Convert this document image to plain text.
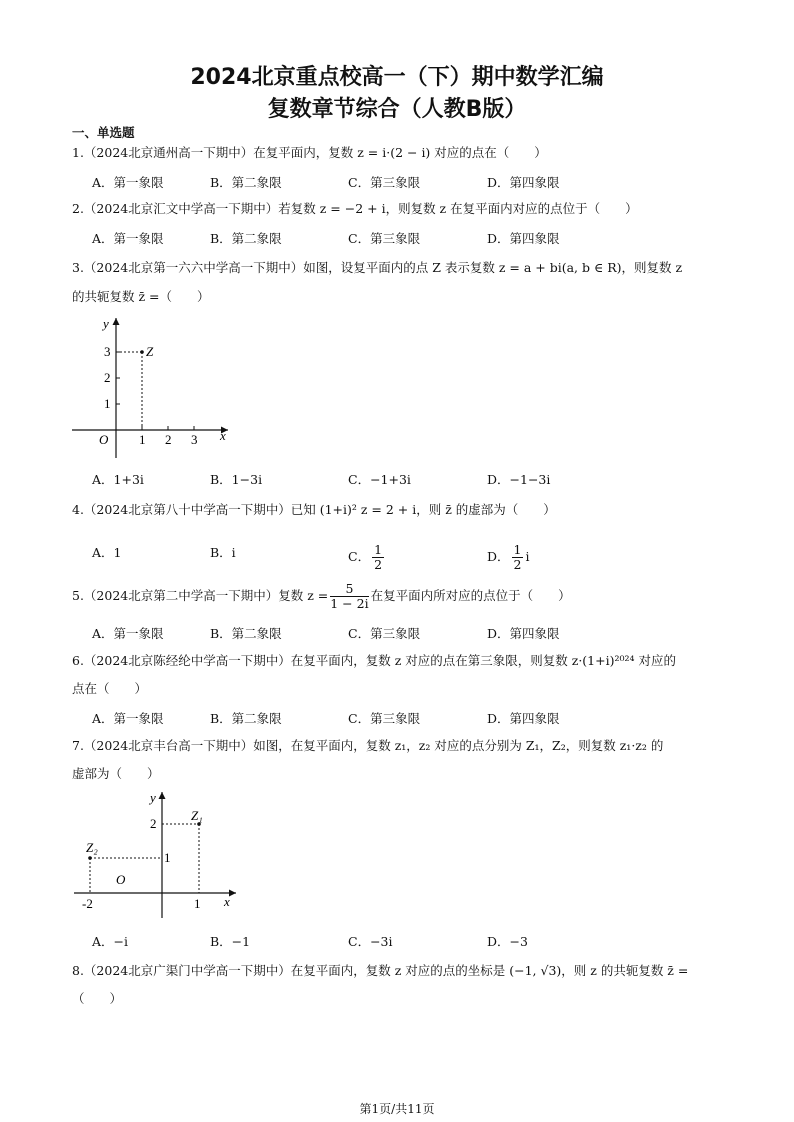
2024北京重点校高一（下）期中数学汇编
复数章节综合（人教B版）
一、单选题
1.（2024北京通州高一下期中）在复平面内，复数 z = i·(2 − i) 对应的点在（　　）
A．第一象限	B．第二象限	C．第三象限	D．第四象限
2.（2024北京汇文中学高一下期中）若复数 z = −2 + i，则复数 z 在复平面内对应的点位于（　　）
A．第一象限	B．第二象限	C．第三象限	D．第四象限
3.（2024北京第一六六中学高一下期中）如图，设复平面内的点 Z 表示复数 z = a + bi(a, b ∈ R)，则复数 z
的共轭复数 z̄ =（　　）
y
x
O 1 2 3
1
2
3	Z
A．1+3i	B．1−3i	C．−1+3i	D．−1−3i
4.（2024北京第八十中学高一下期中）已知 (1+i)² z = 2 + i，则 z̄ 的虚部为（　　）
A．1	B．i	C． $\frac{1}{2}$	D． $\frac{1}{2}$ i
5.（2024北京第二中学高一下期中）复数 $z = \frac{5}{1 - 2i}$ 在复平面内所对应的点位于（　　）
A．第一象限	B．第二象限	C．第三象限	D．第四象限
6.（2024北京陈经纶中学高一下期中）在复平面内，复数 z 对应的点在第三象限，则复数 z·(1+i)²⁰²⁴ 对应的
点在（　　）
A．第一象限	B．第二象限	C．第三象限	D．第四象限
7.（2024北京丰台高一下期中）如图，在复平面内，复数 z₁，z₂ 对应的点分别为 Z₁，Z₂，则复数 z₁·z₂ 的
虚部为（　　）
y
x
O
-2	1
1
2
Z₁
Z₂
A．−i	B．−1	C．−3i	D．−3
8.（2024北京广渠门中学高一下期中）在复平面内，复数 z 对应的点的坐标是 (−1, √3)，则 z 的共轭复数 z̄ =
（　　）
第1页/共11页
